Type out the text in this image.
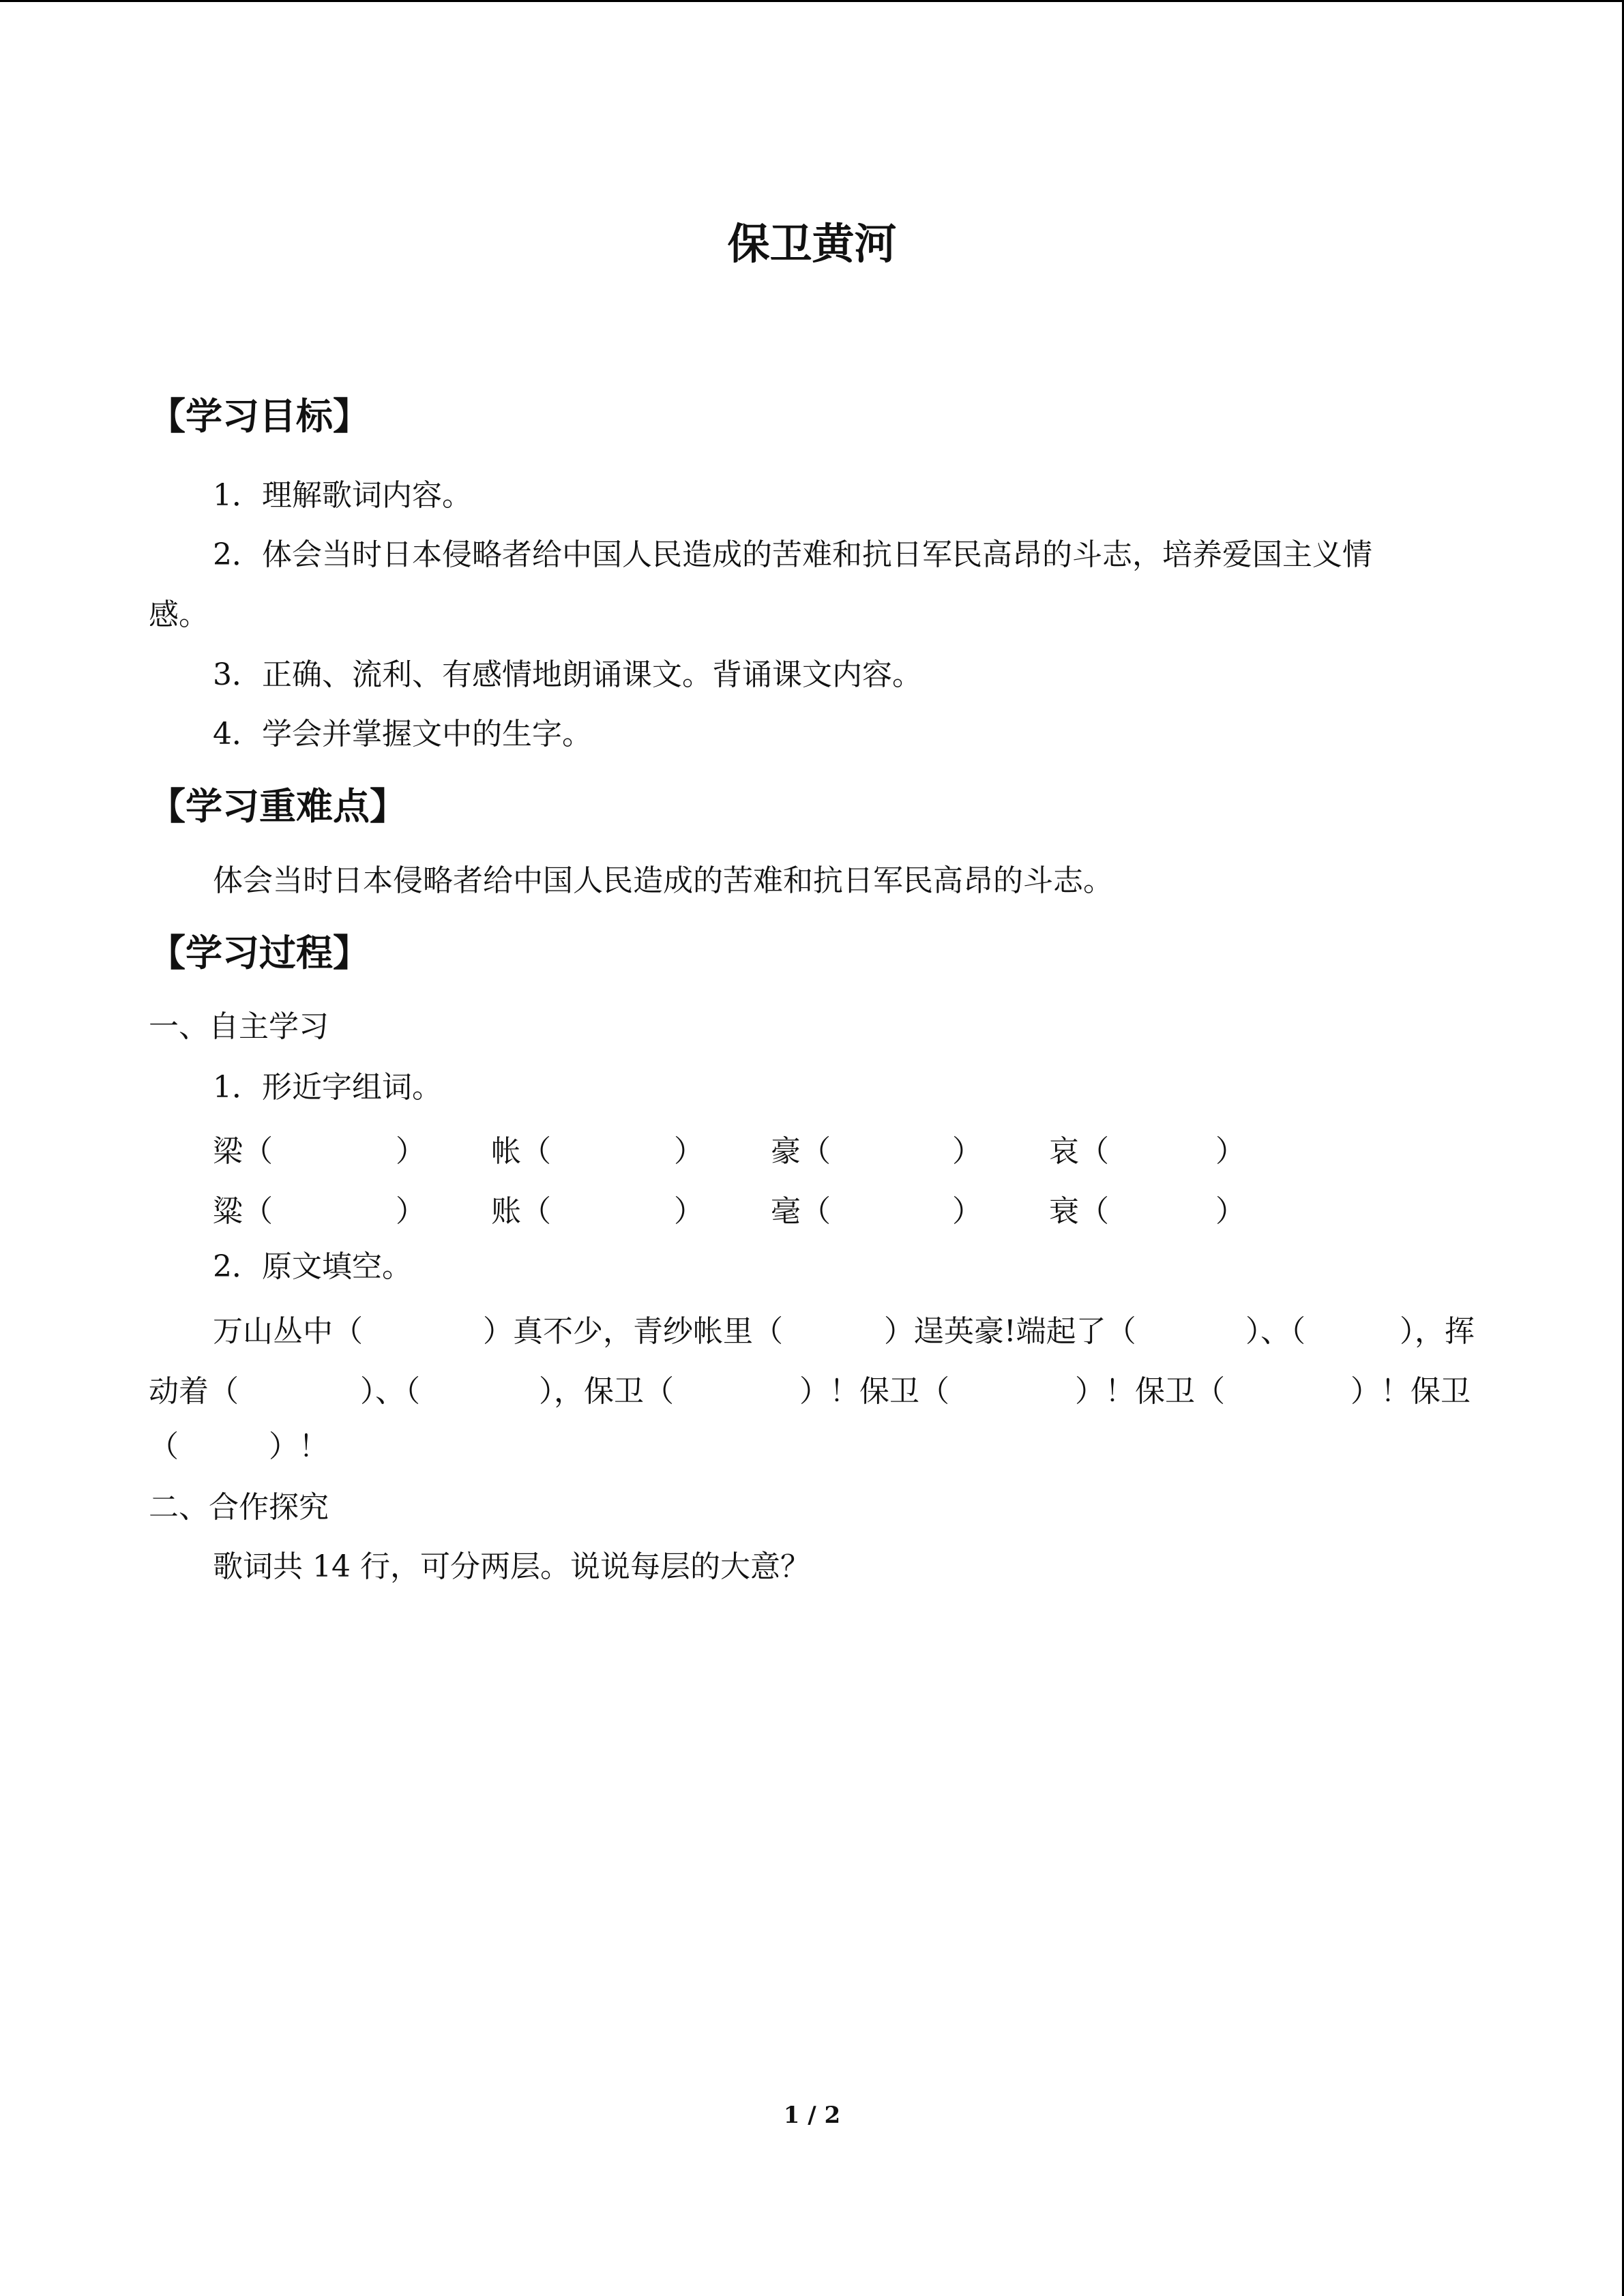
保卫黄河
【学习目标】
1．理解歌词内容。
2．体会当时日本侵略者给中国人民造成的苦难和抗日军民高昂的斗志，培养爱国主义情
感。
3．正确、流利、有感情地朗诵课文。背诵课文内容。
4．学会并掌握文中的生字。
【学习重难点】
体会当时日本侵略者给中国人民造成的苦难和抗日军民高昂的斗志。
【学习过程】
一、自主学习
1．形近字组词。
梁（	） 帐（	） 豪（	） 哀（	）
粱（	） 账（	） 毫（	） 衰（	）
2．原文填空。
万山丛中（	）真不少，青纱帐里（	）逞英豪!端起了（	）、（	），挥
动着（	）、（	），保卫（	）！保卫（	）！保卫（	）！保卫
（　　　）！
二、合作探究
歌词共 14 行，可分两层。说说每层的大意？
1 / 2
